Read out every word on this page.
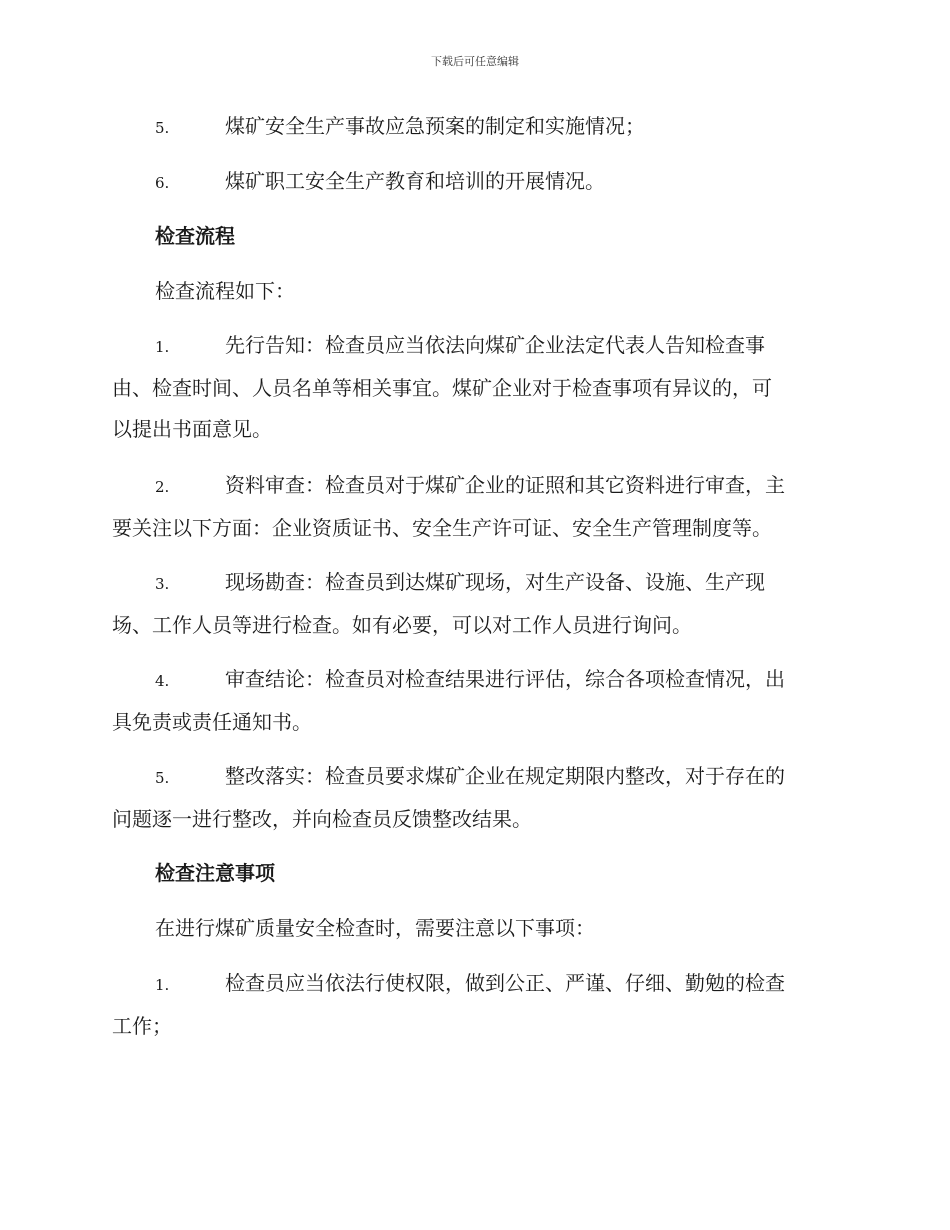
下载后可任意编辑
5.	煤矿安全生产事故应急预案的制定和实施情况；
6.	煤矿职工安全生产教育和培训的开展情况。
检查流程
检查流程如下：
1.	先行告知：检查员应当依法向煤矿企业法定代表人告知检查事
由、检查时间、人员名单等相关事宜。煤矿企业对于检查事项有异议的，可
以提出书面意见。
2.	资料审查：检查员对于煤矿企业的证照和其它资料进行审查，主
要关注以下方面：企业资质证书、安全生产许可证、安全生产管理制度等。
3.	现场勘查：检查员到达煤矿现场，对生产设备、设施、生产现
场、工作人员等进行检查。如有必要，可以对工作人员进行询问。
4.	审查结论：检查员对检查结果进行评估，综合各项检查情况，出
具免责或责任通知书。
5.	整改落实：检查员要求煤矿企业在规定期限内整改，对于存在的
问题逐一进行整改，并向检查员反馈整改结果。
检查注意事项
在进行煤矿质量安全检查时，需要注意以下事项：
1.	检查员应当依法行使权限，做到公正、严谨、仔细、勤勉的检查
工作；
